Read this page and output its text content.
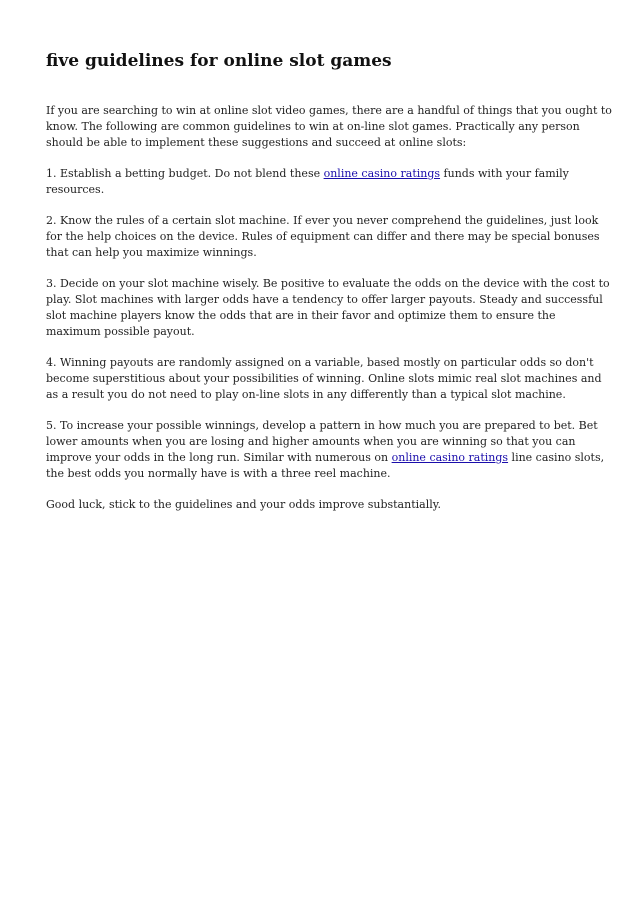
five guidelines for online slot games

If you are searching to win at online slot video games, there are a handful of things that you ought to
know. The following are common guidelines to win at on-line slot games. Practically any person
should be able to implement these suggestions and succeed at online slots:

1. Establish a betting budget. Do not blend these online casino ratings funds with your family
resources.

2. Know the rules of a certain slot machine. If ever you never comprehend the guidelines, just look
for the help choices on the device. Rules of equipment can differ and there may be special bonuses
that can help you maximize winnings.

3. Decide on your slot machine wisely. Be positive to evaluate the odds on the device with the cost to
play. Slot machines with larger odds have a tendency to offer larger payouts. Steady and successful
slot machine players know the odds that are in their favor and optimize them to ensure the
maximum possible payout.

4. Winning payouts are randomly assigned on a variable, based mostly on particular odds so don't
become superstitious about your possibilities of winning. Online slots mimic real slot machines and
as a result you do not need to play on-line slots in any differently than a typical slot machine.

5. To increase your possible winnings, develop a pattern in how much you are prepared to bet. Bet
lower amounts when you are losing and higher amounts when you are winning so that you can
improve your odds in the long run. Similar with numerous on online casino ratings line casino slots,
the best odds you normally have is with a three reel machine.

Good luck, stick to the guidelines and your odds improve substantially.
